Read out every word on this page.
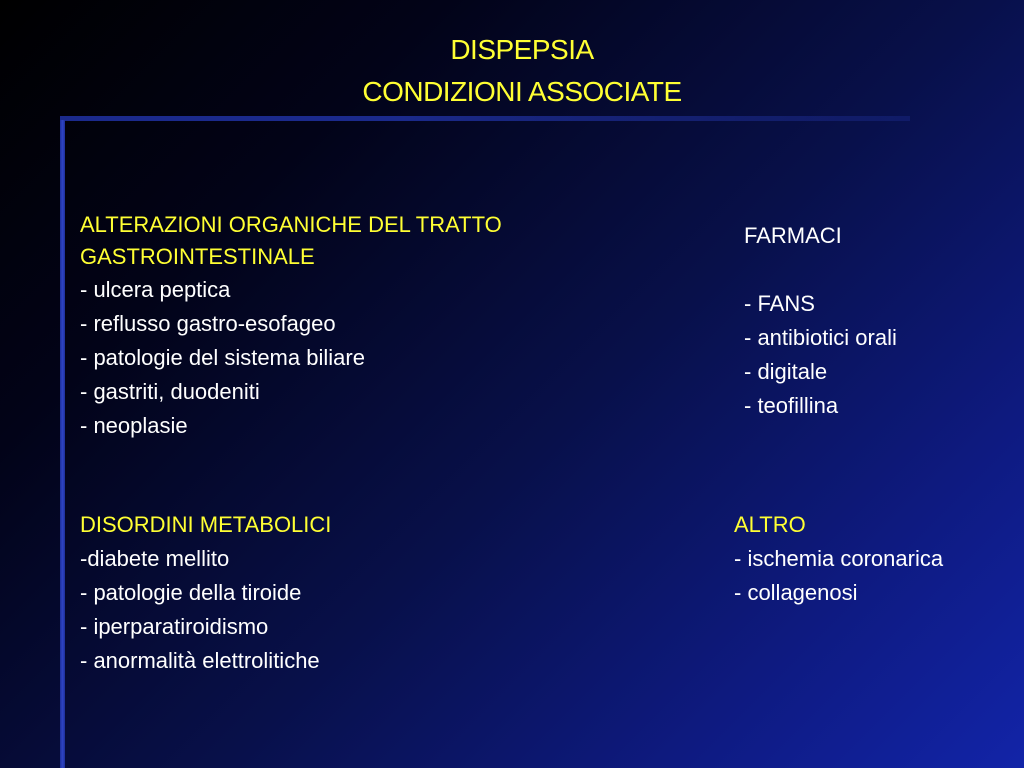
DISPEPSIA
CONDIZIONI ASSOCIATE
ALTERAZIONI ORGANICHE DEL TRATTO
GASTROINTESTINALE
- ulcera peptica
- reflusso gastro-esofageo
- patologie del sistema biliare
- gastriti, duodeniti
- neoplasie
FARMACI
- FANS
- antibiotici orali
- digitale
- teofillina
DISORDINI METABOLICI
-diabete mellito
- patologie della tiroide
- iperparatiroidismo
- anormalità elettrolitiche
ALTRO
- ischemia coronarica
- collagenosi
